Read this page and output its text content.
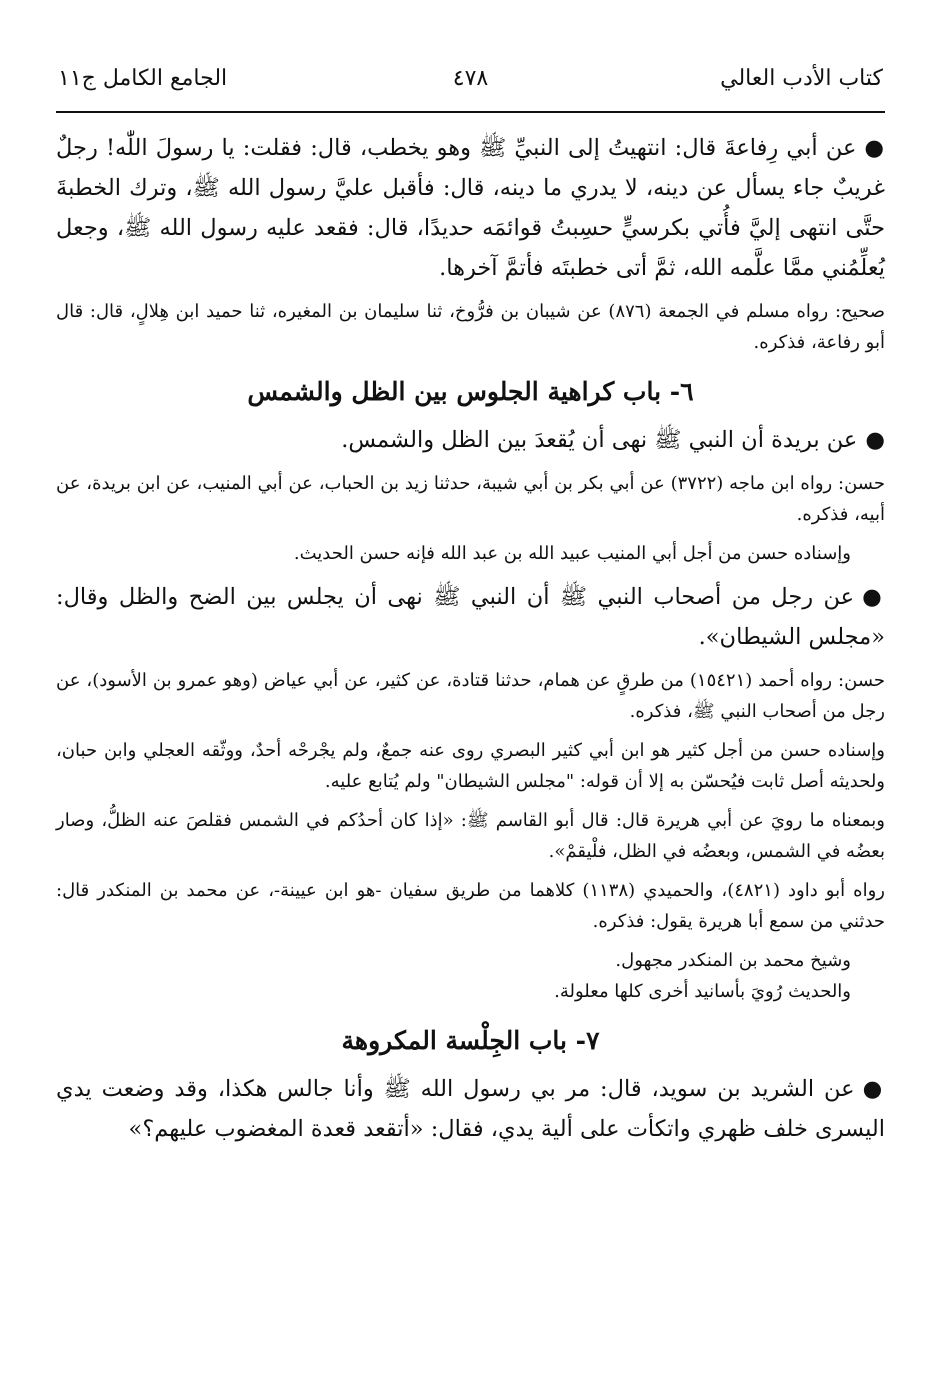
كتاب الأدب العالي
٤٧٨
الجامع الكامل ج١١

●عن أبي رِفاعةَ قال: انتهيتُ إلى النبيِّ ﷺ وهو يخطب، قال: فقلت: يا رسولَ اللّٰه! رجلٌ غريبٌ جاء يسأل عن دينه، لا يدري ما دينه، قال: فأقبل عليَّ رسول الله ﷺ، وترك الخطبةَ حتَّى انتهى إليَّ فأُتي بكرسيٍّ حسِبتُ قوائمَه حديدًا، قال: فقعد عليه رسول الله ﷺ، وجعل يُعلِّمُني ممَّا علَّمه الله، ثمَّ أتى خطبتَه فأتمَّ آخرها.

صحيح: رواه مسلم في الجمعة (٨٧٦) عن شيبان بن فرُّوخ، ثنا سليمان بن المغيره، ثنا حميد ابن هِلالٍ، قال: قال أبو رفاعة، فذكره.

٦- باب كراهية الجلوس بين الظل والشمس

●عن بريدة أن النبي ﷺ نهى أن يُقعدَ بين الظل والشمس.

حسن: رواه ابن ماجه (٣٧٢٢) عن أبي بكر بن أبي شيبة، حدثنا زيد بن الحباب، عن أبي المنيب، عن ابن بريدة، عن أبيه، فذكره.

وإسناده حسن من أجل أبي المنيب عبيد الله بن عبد الله فإنه حسن الحديث.

●عن رجل من أصحاب النبي ﷺ أن النبي ﷺ نهى أن يجلس بين الضح والظل وقال: «مجلس الشيطان».

حسن: رواه أحمد (١٥٤٢١) من طرقٍ عن همام، حدثنا قتادة، عن كثير، عن أبي عياض (وهو عمرو بن الأسود)، عن رجل من أصحاب النبي ﷺ، فذكره.

وإسناده حسن من أجل كثير هو ابن أبي كثير البصري روى عنه جمعٌ، ولم يجْرحْه أحدٌ، ووثّقه العجلي وابن حبان، ولحديثه أصل ثابت فيُحسّن به إلا أن قوله: "مجلس الشيطان" ولم يُتابع عليه.

وبمعناه ما رويَ عن أبي هريرة قال: قال أبو القاسم ﷺ: «إذا كان أحدُكم في الشمس فقلصَ عنه الظلُّ، وصار بعضُه في الشمس، وبعضُه في الظل، فلْيقمْ».

رواه أبو داود (٤٨٢١)، والحميدي (١١٣٨) كلاهما من طريق سفيان -هو ابن عيينة-، عن محمد بن المنكدر قال: حدثني من سمع أبا هريرة يقول: فذكره.

وشيخ محمد بن المنكدر مجهول.

والحديث رُويَ بأسانيد أخرى كلها معلولة.

٧- باب الجِلْسة المكروهة

●عن الشريد بن سويد، قال: مر بي رسول الله ﷺ وأنا جالس هكذا، وقد وضعت يدي اليسرى خلف ظهري واتكأت على ألية يدي، فقال: «أتقعد قعدة المغضوب عليهم؟»
